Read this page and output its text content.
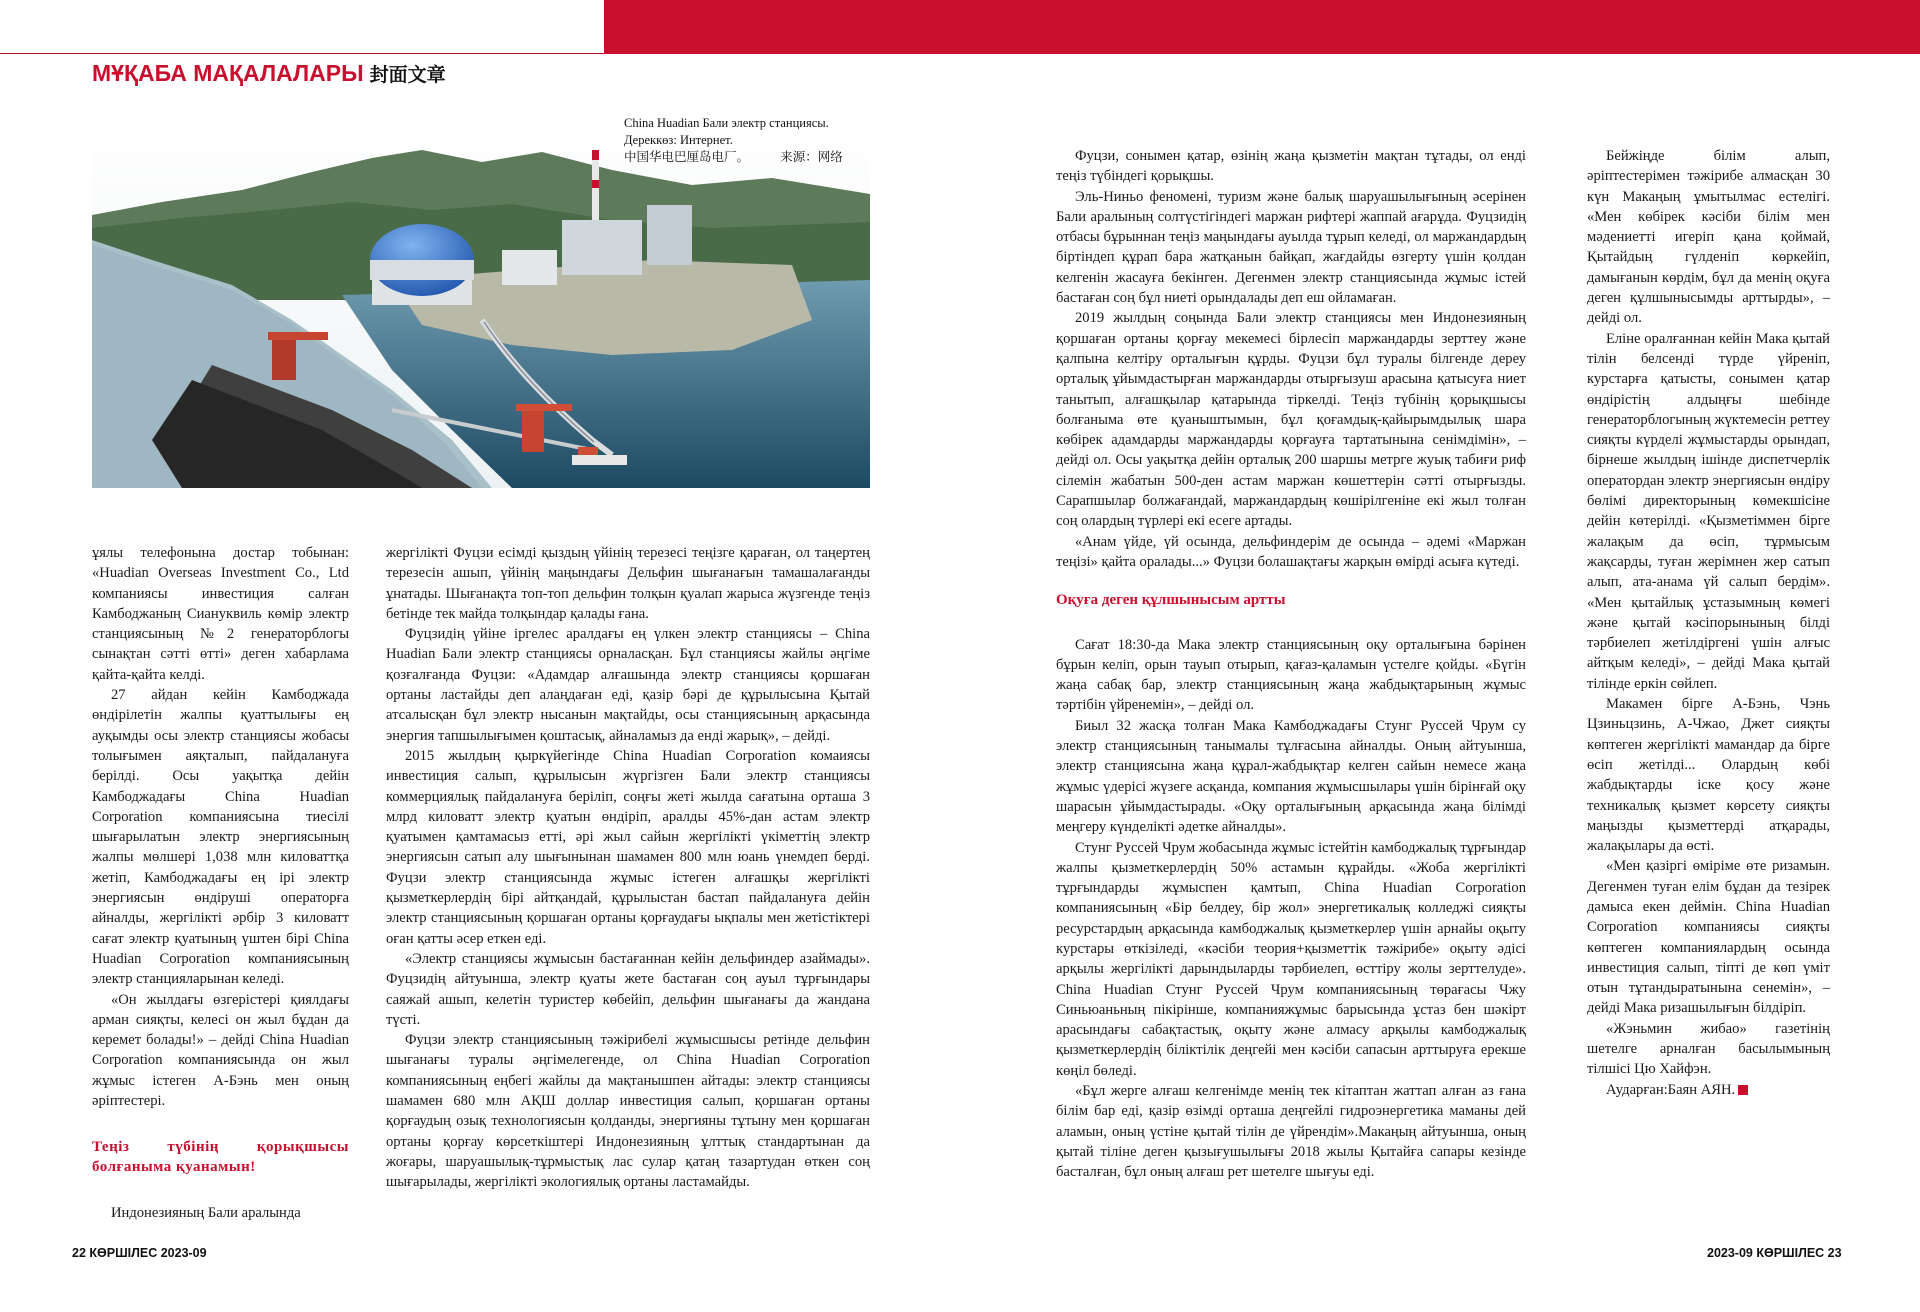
МҰҚАБА МАҚАЛАЛАРЫ 封面文章
China Huadian Бали электр станциясы.
Дереккөз: Интернет.
中国华电巴厘岛电厂。　　　来源：网络

ұялы телефонына достар тобынан: «Huadian Overseas Investment Co., Ltd компаниясы инвестиция салған Камбоджаның Сиануквиль көмір электр станциясының №2 генераторблогы сынақтан сәтті өтті» деген хабарлама қайта-қайта келді.

27 айдан кейін Камбоджада өндірілетін жалпы қуаттылығы ең ауқымды осы электр станциясы жобасы толығымен аяқталып, пайдалануға берілді. Осы уақытқа дейін Камбоджадағы China Huadian Corporation компаниясына тиесілі шығарылатын электр энергиясының жалпы мөлшері 1,038 млн киловаттқа жетіп, Камбоджадағы ең ірі электр энергиясын өндіруші операторға айналды, жергілікті әрбір 3 киловатт сағат электр қуатының үштен бірі China Huadian Corporation компаниясының электр станцияларынан келеді.

«Он жылдағы өзгерістері қиялдағы арман сияқты, келесі он жыл бұдан да керемет болады!» – дейді China Huadian Corporation компаниясында он жыл жұмыс істеген А-Бэнь мен оның әріптестері.

Теңіз түбінің қорықшысы болғаныма қуанамын!

Индонезияның Бали аралында

жергілікті Фуцзи есімді қыздың үйінің терезесі теңізге қараған, ол таңертең терезесін ашып, үйінің маңындағы Дельфин шығанағын тамашалағанды ұнатады. Шығанақта топ-топ дельфин толқын қуалап жарыса жүзгенде теңіз бетінде тек майда толқындар қалады ғана.

Фуцзидің үйіне іргелес аралдағы ең үлкен электр станциясы – China Huadian Бали электр станциясы орналасқан. Бұл станциясы жайлы әңгіме қозғалғанда Фуцзи: «Адамдар алғашында электр станциясы қоршаған ортаны ластайды деп алаңдаған еді, қазір бәрі де құрылысына Қытай атсалысқан бұл электр нысанын мақтайды, осы станциясының арқасында энергия тапшылығымен қоштасық, айналамыз да енді жарық», – дейді.

2015 жылдың қыркүйегінде China Huadian Corporation комаиясы инвестиция салып, құрылысын жүргізген Бали электр станциясы коммерциялық пайдалануға беріліп, соңғы жеті жылда сағатына орташа 3 млрд киловатт электр қуатын өндіріп, аралды 45%-дан астам электр қуатымен қамтамасыз етті, әрі жыл сайын жергілікті үкіметтің электр энергиясын сатып алу шығынынан шамамен 800 млн юань үнемдеп берді. Фуцзи электр станциясында жұмыс істеген алғашқы жергілікті қызметкерлердің бірі айтқандай, құрылыстан бастап пайдалануға дейін электр станциясының қоршаған ортаны қорғаудағы ықпалы мен жетістіктері оған қатты әсер еткен еді.

«Электр станциясы жұмысын бастағаннан кейін дельфиндер азаймады». Фуцзидің айтуынша, электр қуаты жете бастаған соң ауыл тұрғындары саяжай ашып, келетін туристер көбейіп, дельфин шығанағы да жандана түсті.

Фуцзи электр станциясының тәжірибелі жұмысшысы ретінде дельфин шығанағы туралы әңгімелегенде, ол China Huadian Corporation компаниясының еңбегі жайлы да мақтанышпен айтады: электр станциясы шамамен 680 млн АҚШ доллар инвестиция салып, қоршаған ортаны қорғаудың озық технологиясын қолданды, энергияны тұтыну мен қоршаған ортаны қорғау көрсеткіштері Индонезияның ұлттық стандартынан да жоғары, шаруашылық-тұрмыстық лас сулар қатаң тазартудан өткен соң шығарылады, жергілікті экологиялық ортаны ластамайды.

Фуцзи, сонымен қатар, өзінің жаңа қызметін мақтан тұтады, ол енді теңіз түбіндегі қорықшы.

Эль-Ниньо феномені, туризм және балық шаруашылығының әсерінен Бали аралының солтүстігіндегі маржан рифтері жаппай ағарұда. Фуцзидің отбасы бұрыннан теңіз маңындағы ауылда тұрып келеді, ол маржандардың біртіндеп құрап бара жатқанын байқап, жағдайды өзгерту үшін қолдан келгенін жасауға бекінген. Дегенмен электр станциясында жұмыс істей бастаған соң бұл ниеті орындалады деп еш ойламаған.

2019 жылдың соңында Бали электр станциясы мен Индонезияның қоршаған ортаны қорғау мекемесі бірлесіп маржандарды зерттеу және қалпына келтіру орталығын құрды. Фуцзи бұл туралы білгенде дереу орталық ұйымдастырған маржандарды отырғызуш арасына қатысуға ниет танытып, алғашқылар қатарында тіркелді. Теңіз түбінің қорықшысы болғаныма өте қуаныштымын, бұл қоғамдық-қайырымдылық шара көбірек адамдарды маржандарды қорғауға тартатынына сенімдімін», – дейді ол. Осы уақытқа дейін орталық 200 шаршы метрге жуық табиғи риф сілемін жабатын 500-ден астам маржан көшеттерін сәтті отырғызды. Сарапшылар болжағандай, маржандардың көшірілгеніне екі жыл толған соң олардың түрлері екі есеге артады.

«Анам үйде, үй осында, дельфиндерім де осында – әдемі «Маржан теңізі» қайта оралады...» Фуцзи болашақтағы жарқын өмірді асыға күтеді.

Оқуға деген құлшынысым артты

Сағат 18:30-да Мака электр станциясының оқу орталығына бәрінен бұрын келіп, орын тауып отырып, қағаз-қаламын үстелге қойды. «Бүгін жаңа сабақ бар, электр станциясының жаңа жабдықтарының жұмыс тәртібін үйренемін», – дейді ол.

Биыл 32 жасқа толған Мака Камбоджадағы Стунг Руссей Чрум су электр станциясының танымалы тұлғасына айналды. Оның айтуынша, электр станциясына жаңа құрал-жабдықтар келген сайын немесе жаңа жұмыс үдерісі жүзеге асқанда, компания жұмысшылары үшін бірінғай оқу шарасын ұйымдастырады. «Оқу орталығының арқасында жаңа білімді меңгеру күнделікті әдетке айналды».

Стунг Руссей Чрум жобасында жұмыс істейтін камбоджалық тұрғындар жалпы қызметкерлердің 50% астамын құрайды. «Жоба жергілікті тұрғындарды жұмыспен қамтып, China Huadian Corporation компаниясының «Бір белдеу, бір жол» энергетикалық колледжі сияқты ресурстардың арқасында камбоджалық қызметкерлер үшін арнайы оқыту курстары өткізіледі, «кәсіби теория+қызметтік тәжірибе» оқыту әдісі арқылы жергілікті дарындыларды тәрбиелеп, өсттіру жолы зерттелуде». China Huadian Стунг Руссей Чрум компаниясының төрағасы Чжу Синьюаньның пікірінше, компанияжұмыс барысында ұстаз бен шәкірт арасындағы сабақтастық, оқыту және алмасу арқылы камбоджалық қызметкерлердің біліктілік деңгейі мен кәсіби сапасын арттыруға ерекше көңіл бөледі.

«Бұл жерге алғаш келгенімде менің тек кітаптан жаттап алған аз ғана білім бар еді, қазір өзімді орташа деңгейлі гидроэнергетика маманы дей аламын, оның үстіне қытай тілін де үйрендім».Макаңың айтуынша, оның қытай тіліне деген қызығушылығы 2018 жылы Қытайға сапары кезінде басталған, бұл оның алғаш рет шетелге шығуы еді.

Бейжіңде білім алып, әріптестерімен тәжірибе алмасқан 30 күн Макаңың ұмытылмас естелігі. «Мен көбірек кәсіби білім мен мәдениетті игеріп қана қоймай, Қытайдың гүлденіп көркейіп, дамығанын көрдім, бұл да менің оқуға деген құлшынысымды арттырды», – дейді ол.

Еліне оралғаннан кейін Мака қытай тілін белсенді түрде үйреніп, курстарға қатысты, сонымен қатар өндірістің алдыңғы шебінде генераторблогының жүктемесін реттеу сияқты күрделі жұмыстарды орындап, бірнеше жылдың ішінде диспетчерлік оператордан электр энергиясын өндіру бөлімі директорының көмекшісіне дейін көтерілді. «Қызметіммен бірге жалақым да өсіп, тұрмысым жақсарды, туған жерімнен жер сатып алып, ата-анама үй салып бердім». «Мен қытайлық ұстазымның көмегі және қытай кәсіпорынының білді тәрбиелеп жетілдіргені үшін алғыс айтқым келеді», – дейді Мака қытай тілінде еркін сөйлеп.

Макамен бірге А-Бэнь, Чэнь Цзиньцзинь, А-Чжао, Джет сияқты көптеген жергілікті мамандар да бірге өсіп жетілді... Олардың көбі жабдықтарды іске қосу және техникалық қызмет көрсету сияқты маңызды қызметтерді атқарады, жалақылары да өсті.

«Мен қазіргі өміріме өте ризамын. Дегенмен туған елім бұдан да тезірек дамыса екен деймін. China Huadian Corporation компаниясы сияқты көптеген компаниялардың осында инвестиция салып, тіпті де көп үміт отын тұтандыратынына сенемін», – дейді Мака ризашылығын білдіріп.

«Жэньмин жибао» газетінің шетелге арналған басылымының тілшісі Цю Хайфэн.

Аударған:Баян АЯН.

22 КӨРШІЛЕС 2023-09	2023-09 КӨРШІЛЕС 23
